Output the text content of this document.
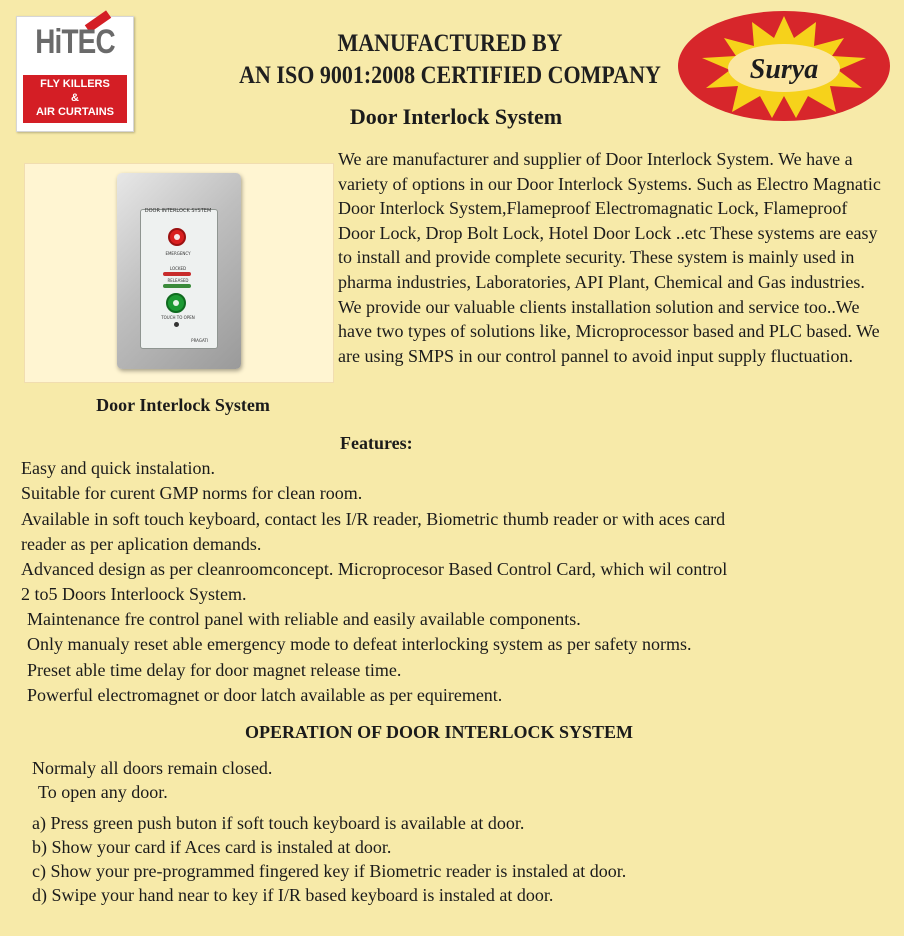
HiTEC
FLY KILLERS
&
AIR CURTAINS
MANUFACTURED BY
AN ISO 9001:2008 CERTIFIED COMPANY
Door Interlock System
Surya
DOOR INTERLOCK SYSTEM
EMERGENCY
LOCKED
RELEASED
TOUCH TO OPEN
PRAGATI
Door Interlock System

We are manufacturer and supplier of Door Interlock System. We have a variety of options in our Door Interlock Systems. Such as Electro Magnatic Door Interlock System,Flameproof Electromagnatic Lock, Flameproof Door Lock, Drop Bolt Lock, Hotel Door Lock ..etc These systems are easy to install and provide complete security. These system is mainly used in pharma industries, Laboratories, API Plant, Chemical and Gas industries. We provide our valuable clients installation solution and service too..We have two types of solutions like, Microprocessor based and PLC based. We are using SMPS in our control pannel to avoid input supply fluctuation.

Features:
Easy and quick instalation.
Suitable for curent GMP norms for clean room.
Available in soft touch keyboard, contact les I/R reader, Biometric thumb reader or with aces card
reader as per aplication demands.
Advanced design as per cleanroomconcept. Microprocesor Based Control Card, which wil control
2 to5 Doors Interloock System.
Maintenance fre control panel with reliable and easily available components.
Only manualy reset able emergency mode to defeat interlocking system as per safety norms.
Preset able time delay for door magnet release time.
Powerful electromagnet or door latch available as per equirement.
OPERATION OF DOOR INTERLOCK SYSTEM
Normaly all doors remain closed.
To open any door.
a) Press green push buton if soft touch keyboard is available at door.
b) Show your card if Aces card is instaled at door.
c) Show your pre-programmed fingered key if Biometric reader is instaled at door.
d) Swipe your hand near to key if I/R based keyboard is instaled at door.
